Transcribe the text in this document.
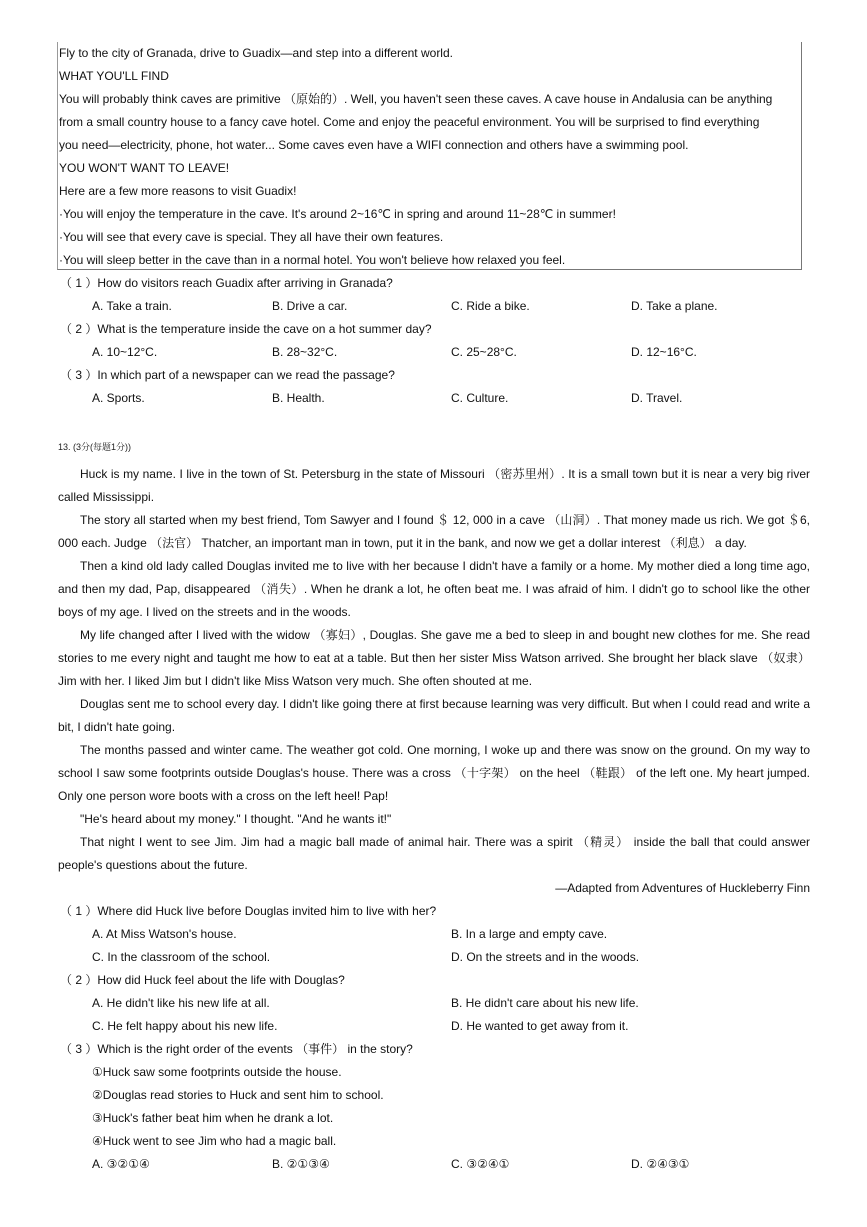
Fly to the city of Granada, drive to Guadix—and step into a different world.
WHAT YOU'LL FIND
You will probably think caves are primitive （原始的）. Well, you haven't seen these caves. A cave house in Andalusia can be anything
from a small country house to a fancy cave hotel. Come and enjoy the peaceful environment. You will be surprised to find everything
you need—electricity, phone, hot water... Some caves even have a WIFI connection and others have a swimming pool.
YOU WON'T WANT TO LEAVE!
Here are a few more reasons to visit Guadix!
·You will enjoy the temperature in the cave. It's around 2~16℃ in spring and around 11~28℃ in summer!
·You will see that every cave is special. They all have their own features.
·You will sleep better in the cave than in a normal hotel. You won't believe how relaxed you feel.
（ 1 ）How do visitors reach Guadix after arriving in Granada?
A. Take a train.	B. Drive a car.	C. Ride a bike.	D. Take a plane.
（ 2 ）What is the temperature inside the cave on a hot summer day?
A. 10~12°C.	B. 28~32°C.	C. 25~28°C.	D. 12~16°C.
（ 3 ）In which part of a newspaper can we read the passage?
A. Sports.	B. Health.	C. Culture.	D. Travel.
13. (3分(每题1分))
Huck is my name. I live in the town of St. Petersburg in the state of Missouri （密苏里州）. It is a small town but it is near a very big river called Mississippi.
The story all started when my best friend, Tom Sawyer and I found ＄ 12, 000 in a cave （山洞）. That money made us rich. We got ＄6, 000 each. Judge （法官） Thatcher, an important man in town, put it in the bank, and now we get a dollar interest （利息） a day.
Then a kind old lady called Douglas invited me to live with her because I didn't have a family or a home. My mother died a long time ago, and then my dad, Pap, disappeared （消失）. When he drank a lot, he often beat me. I was afraid of him. I didn't go to school like the other boys of my age. I lived on the streets and in the woods.
My life changed after I lived with the widow （寡妇）, Douglas. She gave me a bed to sleep in and bought new clothes for me. She read stories to me every night and taught me how to eat at a table. But then her sister Miss Watson arrived. She brought her black slave （奴隶） Jim with her. I liked Jim but I didn't like Miss Watson very much. She often shouted at me.
Douglas sent me to school every day. I didn't like going there at first because learning was very difficult. But when I could read and write a bit, I didn't hate going.
The months passed and winter came. The weather got cold. One morning, I woke up and there was snow on the ground. On my way to school I saw some footprints outside Douglas's house. There was a cross （十字架） on the heel （鞋跟） of the left one. My heart jumped. Only one person wore boots with a cross on the left heel! Pap!
"He's heard about my money." I thought. "And he wants it!"
That night I went to see Jim. Jim had a magic ball made of animal hair. There was a spirit （精灵） inside the ball that could answer people's questions about the future.
—Adapted from Adventures of Huckleberry Finn
（ 1 ）Where did Huck live before Douglas invited him to live with her?
A. At Miss Watson's house.	B. In a large and empty cave.
C. In the classroom of the school.	D. On the streets and in the woods.
（ 2 ）How did Huck feel about the life with Douglas?
A. He didn't like his new life at all.	B. He didn't care about his new life.
C. He felt happy about his new life.	D. He wanted to get away from it.
（ 3 ）Which is the right order of the events （事件） in the story?
①Huck saw some footprints outside the house.
②Douglas read stories to Huck and sent him to school.
③Huck's father beat him when he drank a lot.
④Huck went to see Jim who had a magic ball.
A. ③②①④	B. ②①③④	C. ③②④①	D. ②④③①
